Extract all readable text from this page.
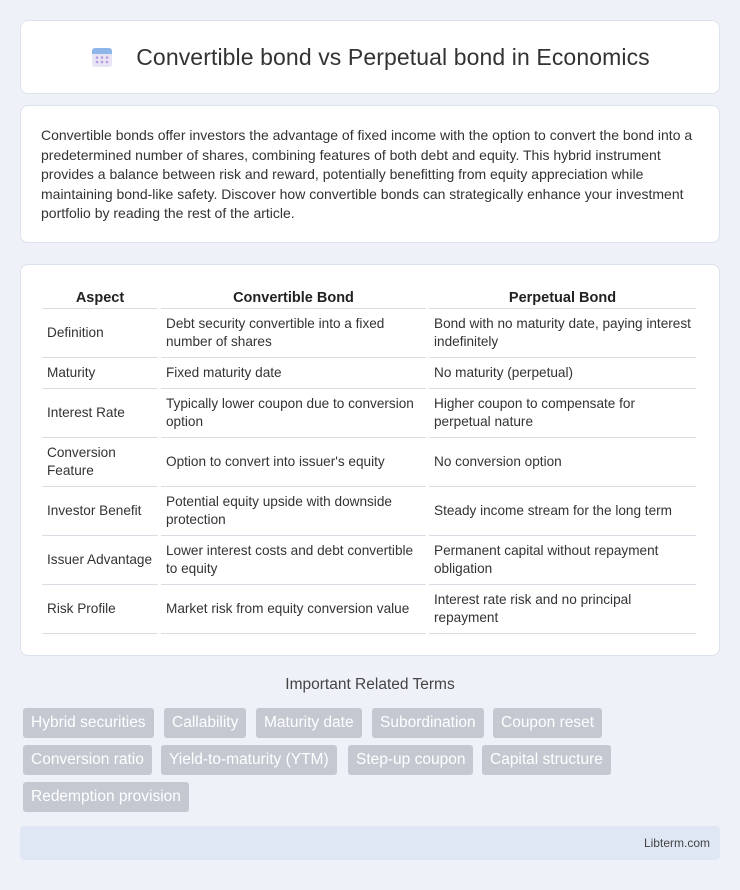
Convertible bond vs Perpetual bond in Economics

Convertible bonds offer investors the advantage of fixed income with the option to convert the bond into a predetermined number of shares, combining features of both debt and equity. This hybrid instrument provides a balance between risk and reward, potentially benefitting from equity appreciation while maintaining bond-like safety. Discover how convertible bonds can strategically enhance your investment portfolio by reading the rest of the article.

Aspect	Convertible Bond	Perpetual Bond
Definition	Debt security convertible into a fixed number of shares	Bond with no maturity date, paying interest indefinitely
Maturity	Fixed maturity date	No maturity (perpetual)
Interest Rate	Typically lower coupon due to conversion option	Higher coupon to compensate for perpetual nature
Conversion Feature	Option to convert into issuer's equity	No conversion option
Investor Benefit	Potential equity upside with downside protection	Steady income stream for the long term
Issuer Advantage	Lower interest costs and debt convertible to equity	Permanent capital without repayment obligation
Risk Profile	Market risk from equity conversion value	Interest rate risk and no principal repayment
Important Related Terms
Hybrid securities	Callability	Maturity date	Subordination	Coupon reset
Conversion ratio	Yield-to-maturity (YTM)	Step-up coupon	Capital structure
Redemption provision
Libterm.com
